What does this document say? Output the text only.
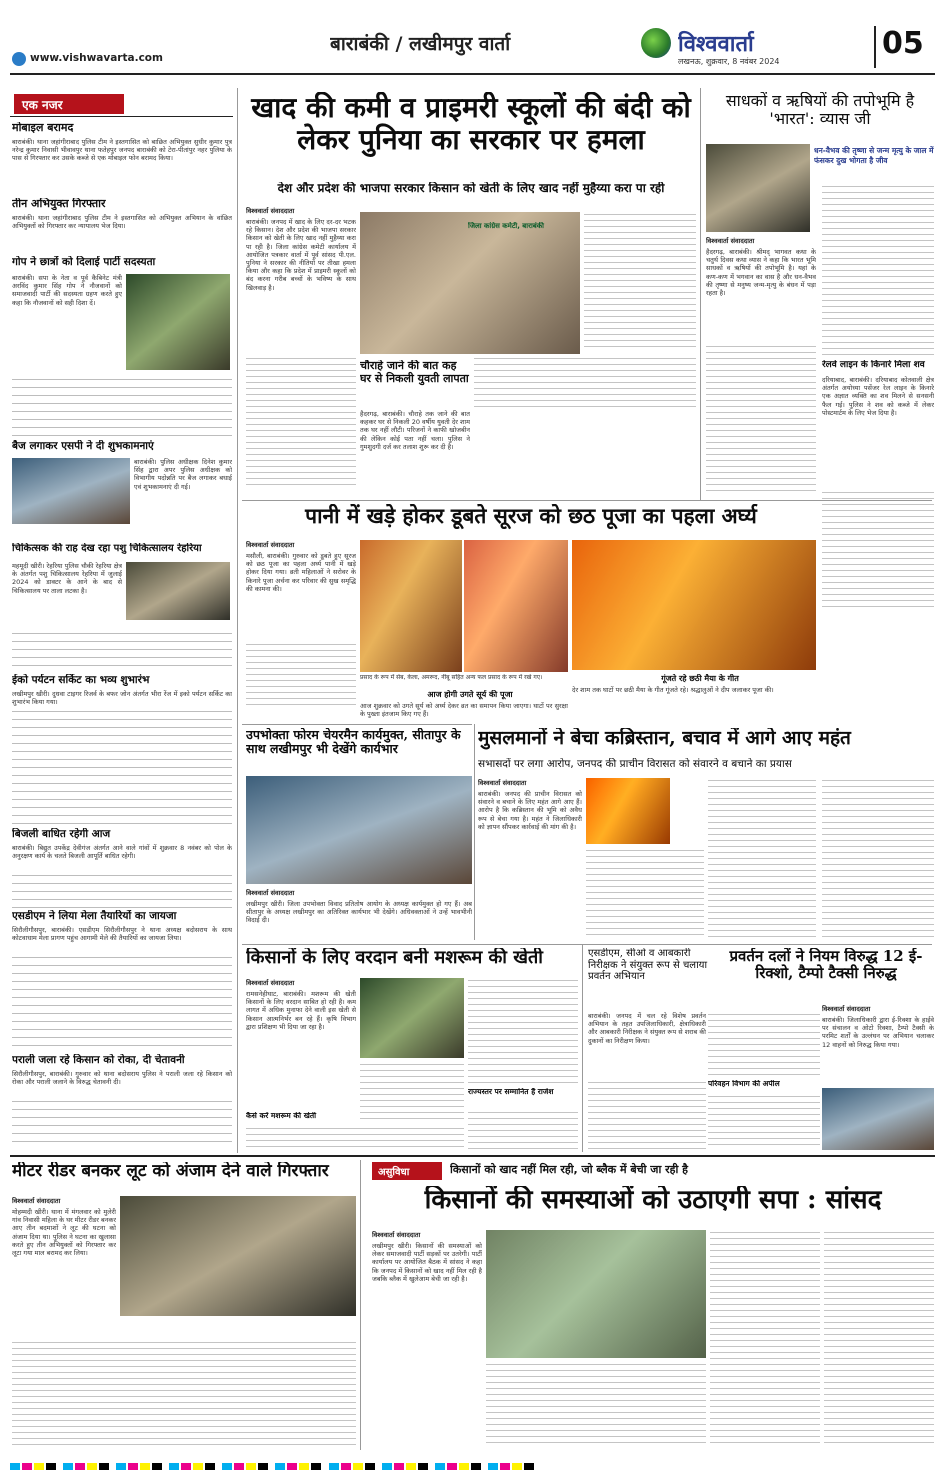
बाराबंकी / लखीमपुर वार्ता
www.vishwavarta.com
विश्ववार्ता
लखनऊ, शुक्रवार, 8 नवंबर 2024
05
एक नजर
मोबाइल बरामद
बाराबंकी। थाना जहांगीराबाद पुलिस टीम ने इस्तगासित को बाछित अभियुक्त सुधीर कुमार पुत्र नरेन्द्र कुमार निवासी भीवावपुर थाना फतेहपुर जनपद बाराबंकी को टेरा-पीतांपुर नहर पुलिया के पास से गिरफ्तार कर उसके कब्जे से एक मोबाइल फोन बरामद किया।
तीन अभियुक्त गिरफ्तार
बाराबंकी। थाना जहांगीराबाद पुलिस टीम ने इस्तगासित को अभियुक्त अभियान के वांछित अभियुक्तों को गिरफ्तार कर न्यायालय भेज दिया।
गोप ने छात्रों को दिलाई पार्टी सदस्यता
बाराबंकी। सपा के नेता व पूर्व कैबिनेट मंत्री अरविंद कुमार सिंह गोप ने नौजवानों को समाजवादी पार्टी की सदस्यता ग्रहण करते हुए कहा कि नौजवानों को सही दिशा दें।
बैज लगाकर एसपी ने दी शुभकामनाएं
बाराबंकी। पुलिस अधीक्षक दिनेश कुमार सिंह द्वारा अपर पुलिस अधीक्षक को विभागीय पदोन्नति पर बैज लगाकर बधाई एवं शुभकामनाएं दी गई।
चिकित्सक की राह देख रहा पशु चिकित्सालय रेहरिया
महमूदी खीरी। रेहरिया पुलिस चौकी रेहरिया क्षेत्र के अंतर्गत पशु चिकित्सालय रेहरिया में जुलाई 2024 को डाक्टर के आने के बाद से चिकित्सालय पर ताला लटका है।
ईको पर्यटन सर्किट का भव्य शुभारंभ
लखीमपुर खीरी। दुधवा टाइगर रिजर्व के बफर जोन अंतर्गत भीरा रेंज में इको पर्यटन सर्किट का शुभारंभ किया गया।
बिजली बाधित रहेगी आज
बाराबंकी। बिद्युत उपकेंद्र देवीगंज अंतर्गत आने वाले गांवों में शुक्रवार 8 नवंबर को पोल के अनुरक्षण कार्य के चलते बिजली आपूर्ति बाधित रहेगी।
एसडीएम ने लिया मेला तैयारियों का जायजा
सिरौलीगौसपुर, बाराबंकी। एसडीएम सिरौलीगौसपुर ने थाना अध्यक्ष बदोसराय के साथ कोटवाधाम मेला प्रागण पहुंच आगामी मेले की तैयारियों का जायजा लिया।
पराली जला रहे किसान को रोका, दी चेतावनी
सिरौलीगौसपुर, बाराबंकी। गुरुवार को थाना बदोसराय पुलिस ने पराली जला रहे किसान को रोका और पराली जलाने के विरुद्ध चेतावनी दी।
खाद की कमी व प्राइमरी स्कूलों की बंदी को लेकर पुनिया का सरकार पर हमला
देश और प्रदेश की भाजपा सरकार किसान को खेती के लिए खाद नहीं मुहैय्या करा पा रही
विश्ववार्ता संवाददाता
बाराबंकी। जनपद में खाद के लिए दर-दर भटक रहे किसान। देश और प्रदेश की भाजपा सरकार किसान को खेती के लिए खाद नहीं मुहैय्या करा पा रही है। जिला कांग्रेस कमेटी कार्यालय में आयोजित पत्रकार वार्ता में पूर्व सांसद पी.एल. पुनिया ने सरकार की नीतियों पर तीखा हमला किया और कहा कि प्रदेश में प्राइमरी स्कूलों को बंद करना गरीब बच्चों के भविष्य के साथ खिलवाड़ है।
जिला कांग्रेस कमेटी, बाराबंकी
चौराहे जाने की बात कह घर से निकली युवती लापता
हैदरगढ़, बाराबंकी। चौराहे तक जाने की बात कहकर घर से निकली 20 वर्षीय युवती देर शाम तक घर नहीं लौटी। परिजनों ने काफी खोजबीन की लेकिन कोई पता नहीं चला। पुलिस ने गुमशुदगी दर्ज कर तलाश शुरू कर दी है।
साधकों व ऋषियों की तपोभूमि है 'भारत': व्यास जी
धन-वैभव की तृष्णा से जन्म मृत्यु के जाल में फंसकर दुख भोगता है जीव
विश्ववार्ता संवाददाता
हैदरगढ़, बाराबंकी। श्रीमद् भागवत कथा के चतुर्थ दिवस कथा व्यास ने कहा कि भारत भूमि साधकों व ऋषियों की तपोभूमि है। यहां के कण-कण में भगवान का वास है और धन-वैभव की तृष्णा से मनुष्य जन्म-मृत्यु के बंधन में पड़ा रहता है।
रेलवे लाइन के किनारे मिला शव
दरियाबाद, बाराबंकी। दरियाबाद कोतवाली क्षेत्र अंतर्गत अयोध्या पसेंजर रेल लाइन के किनारे एक अज्ञात व्यक्ति का शव मिलने से सनसनी फैल गई। पुलिस ने शव को कब्जे में लेकर पोस्टमार्टम के लिए भेज दिया है।
पानी में खड़े होकर डूबते सूरज को छठ पूजा का पहला अर्घ्य
विश्ववार्ता संवाददाता
मसौली, बाराबंकी। गुरुवार को डूबते हुए सूरज को छठ पूजा का पहला अर्घ्य पानी में खड़े होकर दिया गया। व्रती महिलाओं ने सरोवर के किनारे पूजा अर्चना कर परिवार की सुख समृद्धि की कामना की।
प्रसाद के रूप में सेब, केला, अमरूद, नींबू सहित अन्य फल प्रसाद के रूप में रखे गए।
आज होगी उगते सूर्य की पूजा
आज शुक्रवार को उगते सूर्य को अर्घ्य देकर व्रत का समापन किया जाएगा। घाटों पर सुरक्षा के पुख्ता इंतजाम किए गए हैं।
गूंजते रहे छठी मैया के गीत
देर शाम तक घाटों पर छठी मैया के गीत गूंजते रहे। श्रद्धालुओं ने दीप जलाकर पूजा की।
उपभोक्ता फोरम चेयरमैन कार्यमुक्त, सीतापुर के साथ लखीमपुर भी देखेंगे कार्यभार
विश्ववार्ता संवाददाता
लखीमपुर खीरी। जिला उपभोक्ता विवाद प्रतितोष आयोग के अध्यक्ष कार्यमुक्त हो गए हैं। अब सीतापुर के अध्यक्ष लखीमपुर का अतिरिक्त कार्यभार भी देखेंगे। अधिवक्ताओं ने उन्हें भावभीनी विदाई दी।
मुसलमानों ने बेचा कब्रिस्तान, बचाव में आगे आए महंत
सभासदों पर लगा आरोप, जनपद की प्राचीन विरासत को संवारने व बचाने का प्रयास
विश्ववार्ता संवाददाता
बाराबंकी। जनपद की प्राचीन विरासत को संवारने व बचाने के लिए महंत आगे आए हैं। आरोप है कि कब्रिस्तान की भूमि को अवैध रूप से बेचा गया है। महंत ने जिलाधिकारी को ज्ञापन सौंपकर कार्रवाई की मांग की है।
किसानों के लिए वरदान बनी मशरूम की खेती
विश्ववार्ता संवाददाता
रामसनेहीघाट, बाराबंकी। मशरूम की खेती किसानों के लिए वरदान साबित हो रही है। कम लागत में अधिक मुनाफा देने वाली इस खेती से किसान आत्मनिर्भर बन रहे हैं। कृषि विभाग द्वारा प्रशिक्षण भी दिया जा रहा है।
कैसे करें मशरूम की खेती
राज्यस्तर पर सम्मानित हैं राजेश
एसडीएम, सीओ व आबकारी निरीक्षक ने संयुक्त रूप से चलाया प्रवर्तन अभियान
बाराबंकी। जनपद में चल रहे विशेष प्रवर्तन अभियान के तहत उपजिलाधिकारी, क्षेत्राधिकारी और आबकारी निरीक्षक ने संयुक्त रूप से शराब की दुकानों का निरीक्षण किया।
परिवहन विभाग की अपील
प्रवर्तन दलों ने नियम विरुद्ध 12 ई-रिक्शो, टैम्पो टैक्सी निरुद्ध
विश्ववार्ता संवाददाता
बाराबंकी। जिलाधिकारी द्वारा ई-रिक्शा के हाईवे पर संचालन व ओटो रिक्शा, टैम्पो टैक्सी के परमिट शर्तों के उल्लंघन पर अभियान चलाकर 12 वाहनों को निरुद्ध किया गया।
मीटर रीडर बनकर लूट को अंजाम देने वाले गिरफ्तार
विश्ववार्ता संवाददाता
मोहम्मदी खीरी। थाना में मंगलवार को मुलेरी गांव निवासी महिला के घर मीटर रीडर बनकर आए तीन बदमाशों ने लूट की घटना को अंजाम दिया था। पुलिस ने घटना का खुलासा करते हुए तीन अभियुक्तों को गिरफ्तार कर लूटा गया माल बरामद कर लिया।
असुविधा	किसानों को खाद नहीं मिल रही, जो ब्लैक में बेची जा रही है
किसानों की समस्याओं को उठाएगी सपा : सांसद
विश्ववार्ता संवाददाता
लखीमपुर खीरी। किसानों की समस्याओं को लेकर समाजवादी पार्टी सड़कों पर उतरेगी। पार्टी कार्यालय पर आयोजित बैठक में सांसद ने कहा कि जनपद में किसानों को खाद नहीं मिल रही है जबकि ब्लैक में खुलेआम बेची जा रही है।
